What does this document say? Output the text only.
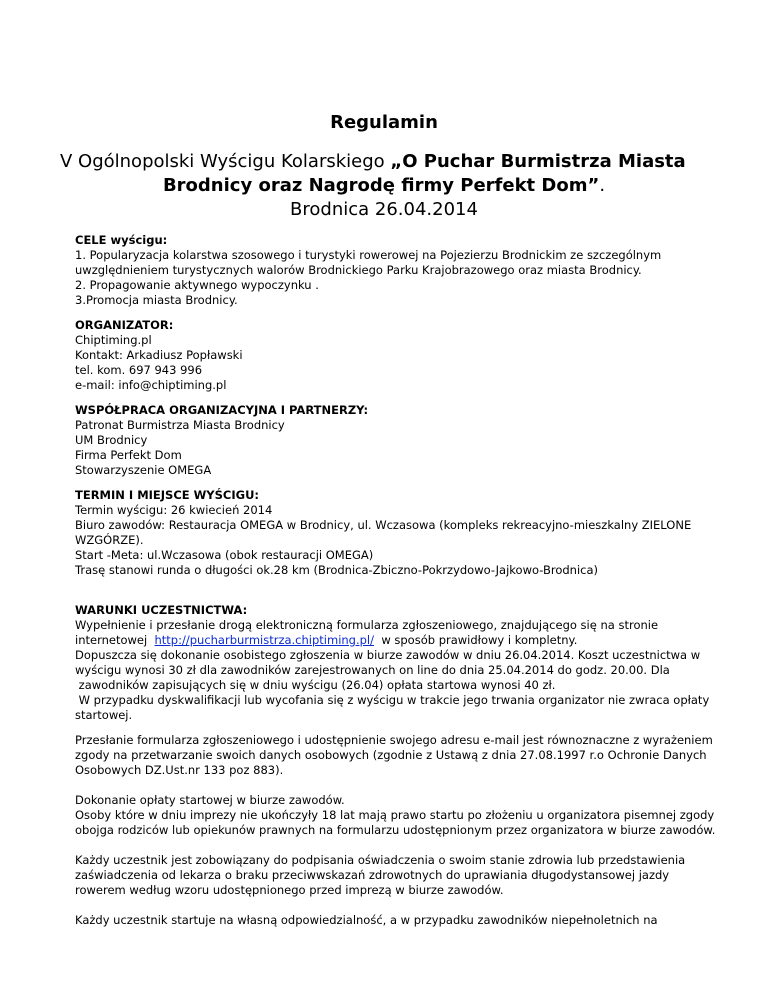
Regulamin
V Ogólnopolski Wyścigu Kolarskiego „O Puchar Burmistrza Miasta
Brodnicy oraz Nagrodę firmy Perfekt Dom”.
Brodnica 26.04.2014
CELE wyścigu:
1. Popularyzacja kolarstwa szosowego i turystyki rowerowej na Pojezierzu Brodnickim ze szczególnym
uwzględnieniem turystycznych walorów Brodnickiego Parku Krajobrazowego oraz miasta Brodnicy.
2. Propagowanie aktywnego wypoczynku .
3.Promocja miasta Brodnicy.
ORGANIZATOR:
Chiptiming.pl
Kontakt: Arkadiusz Popławski
tel. kom. 697 943 996
e-mail: info@chiptiming.pl
WSPÓŁPRACA ORGANIZACYJNA I PARTNERZY:
Patronat Burmistrza Miasta Brodnicy
UM Brodnicy
Firma Perfekt Dom
Stowarzyszenie OMEGA
TERMIN I MIEJSCE WYŚCIGU:
Termin wyścigu: 26 kwiecień 2014
Biuro zawodów: Restauracja OMEGA w Brodnicy, ul. Wczasowa (kompleks rekreacyjno-mieszkalny ZIELONE
WZGÓRZE).
Start -Meta: ul.Wczasowa (obok restauracji OMEGA)
Trasę stanowi runda o długości ok.28 km (Brodnica-Zbiczno-Pokrzydowo-Jajkowo-Brodnica)
WARUNKI UCZESTNICTWA:
Wypełnienie i przesłanie drogą elektroniczną formularza zgłoszeniowego, znajdującego się na stronie
internetowej  http://pucharburmistrza.chiptiming.pl/  w sposób prawidłowy i kompletny.
Dopuszcza się dokonanie osobistego zgłoszenia w biurze zawodów w dniu 26.04.2014. Koszt uczestnictwa w
wyścigu wynosi 30 zł dla zawodników zarejestrowanych on line do dnia 25.04.2014 do godz. 20.00. Dla
zawodników zapisujących się w dniu wyścigu (26.04) opłata startowa wynosi 40 zł.
W przypadku dyskwalifikacji lub wycofania się z wyścigu w trakcie jego trwania organizator nie zwraca opłaty
startowej.
Przesłanie formularza zgłoszeniowego i udostępnienie swojego adresu e-mail jest równoznaczne z wyrażeniem
zgody na przetwarzanie swoich danych osobowych (zgodnie z Ustawą z dnia 27.08.1997 r.o Ochronie Danych
Osobowych DZ.Ust.nr 133 poz 883).
Dokonanie opłaty startowej w biurze zawodów.
Osoby które w dniu imprezy nie ukończyły 18 lat mają prawo startu po złożeniu u organizatora pisemnej zgody
obojga rodziców lub opiekunów prawnych na formularzu udostępnionym przez organizatora w biurze zawodów.
Każdy uczestnik jest zobowiązany do podpisania oświadczenia o swoim stanie zdrowia lub przedstawienia
zaświadczenia od lekarza o braku przeciwwskazań zdrowotnych do uprawiania długodystansowej jazdy
rowerem według wzoru udostępnionego przed imprezą w biurze zawodów.
Każdy uczestnik startuje na własną odpowiedzialność, a w przypadku zawodników niepełnoletnich na
